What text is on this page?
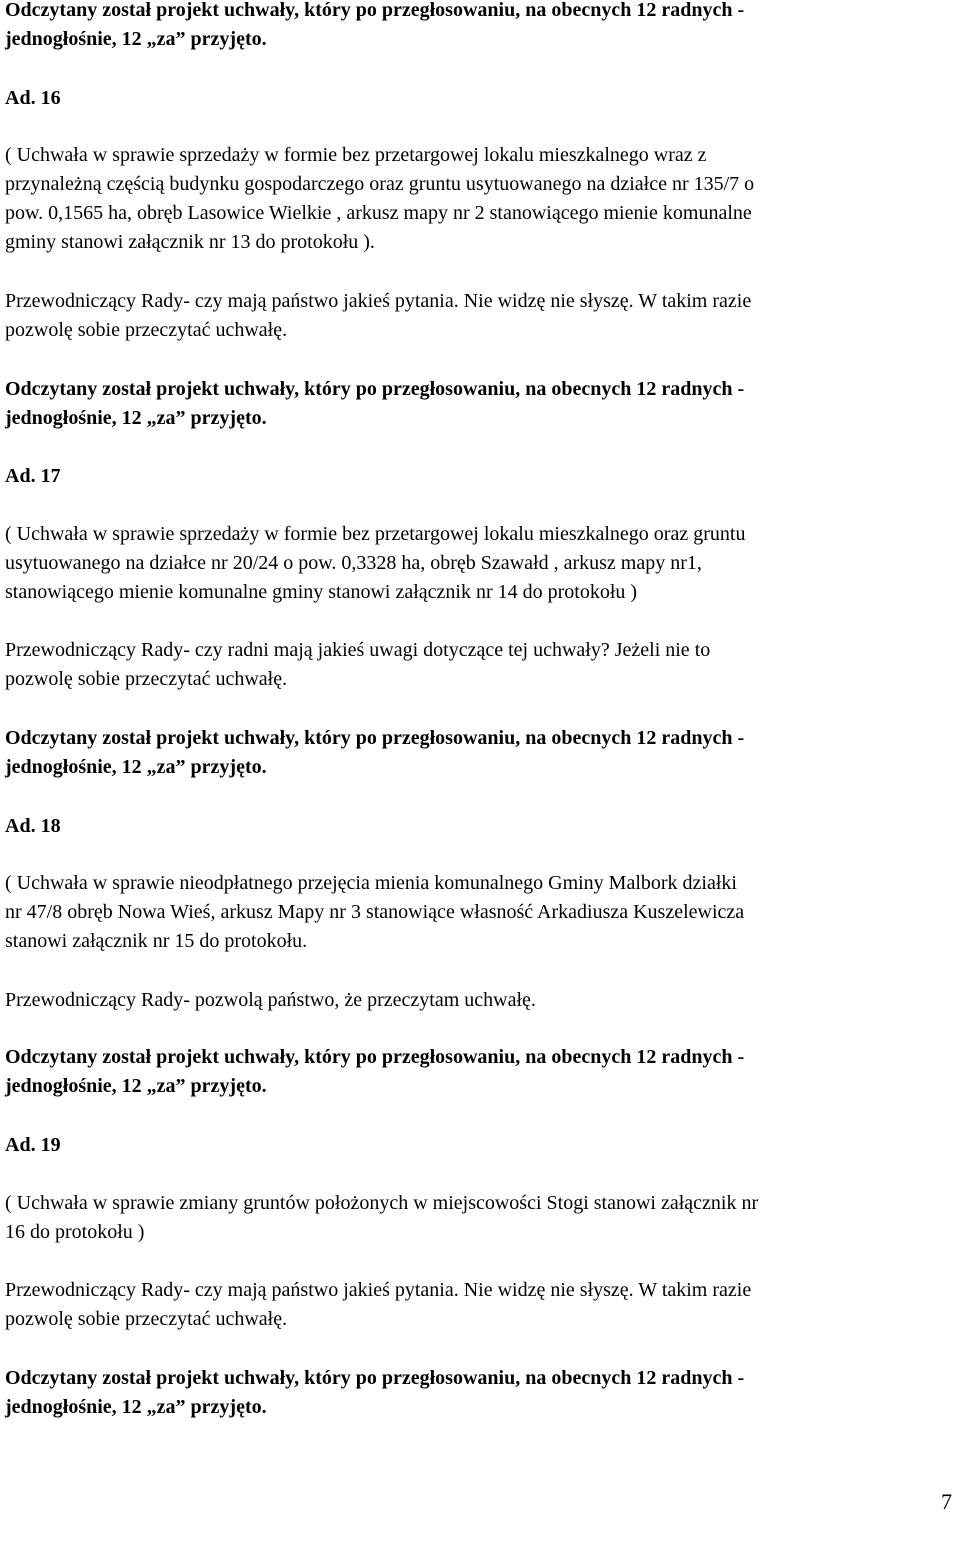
7
Odczytany został projekt uchwały, który po przegłosowaniu, na obecnych 12 radnych -
jednogłośnie, 12 „za” przyjęto.
Ad. 16
( Uchwała w sprawie sprzedaży w formie bez przetargowej lokalu mieszkalnego wraz z
przynależną częścią budynku gospodarczego oraz gruntu usytuowanego na działce nr 135/7 o
pow. 0,1565 ha, obręb Lasowice Wielkie , arkusz mapy nr 2 stanowiącego mienie komunalne
gminy stanowi załącznik nr 13 do protokołu ).
Przewodniczący Rady- czy mają państwo jakieś pytania. Nie widzę nie słyszę. W takim razie
pozwolę sobie przeczytać uchwałę.
Odczytany został projekt uchwały, który po przegłosowaniu, na obecnych 12 radnych -
jednogłośnie, 12 „za” przyjęto.
Ad. 17
( Uchwała w sprawie sprzedaży w formie bez przetargowej lokalu mieszkalnego oraz gruntu
usytuowanego na działce nr 20/24 o pow. 0,3328 ha, obręb Szawałd , arkusz mapy nr1,
stanowiącego mienie komunalne gminy stanowi załącznik nr 14 do protokołu )
Przewodniczący Rady- czy radni mają jakieś uwagi dotyczące tej uchwały? Jeżeli nie to
pozwolę sobie przeczytać uchwałę.
Odczytany został projekt uchwały, który po przegłosowaniu, na obecnych 12 radnych -
jednogłośnie, 12 „za” przyjęto.
Ad. 18
( Uchwała w sprawie nieodpłatnego przejęcia mienia komunalnego Gminy Malbork działki
nr 47/8 obręb Nowa Wieś, arkusz Mapy nr 3 stanowiące własność Arkadiusza Kuszelewicza
stanowi załącznik nr 15 do protokołu.
Przewodniczący Rady- pozwolą państwo, że przeczytam uchwałę.
Odczytany został projekt uchwały, który po przegłosowaniu, na obecnych 12 radnych -
jednogłośnie, 12 „za” przyjęto.
Ad. 19
( Uchwała w sprawie zmiany gruntów położonych w miejscowości Stogi stanowi załącznik nr
16 do protokołu )
Przewodniczący Rady- czy mają państwo jakieś pytania. Nie widzę nie słyszę. W takim razie
pozwolę sobie przeczytać uchwałę.
Odczytany został projekt uchwały, który po przegłosowaniu, na obecnych 12 radnych -
jednogłośnie, 12 „za” przyjęto.
